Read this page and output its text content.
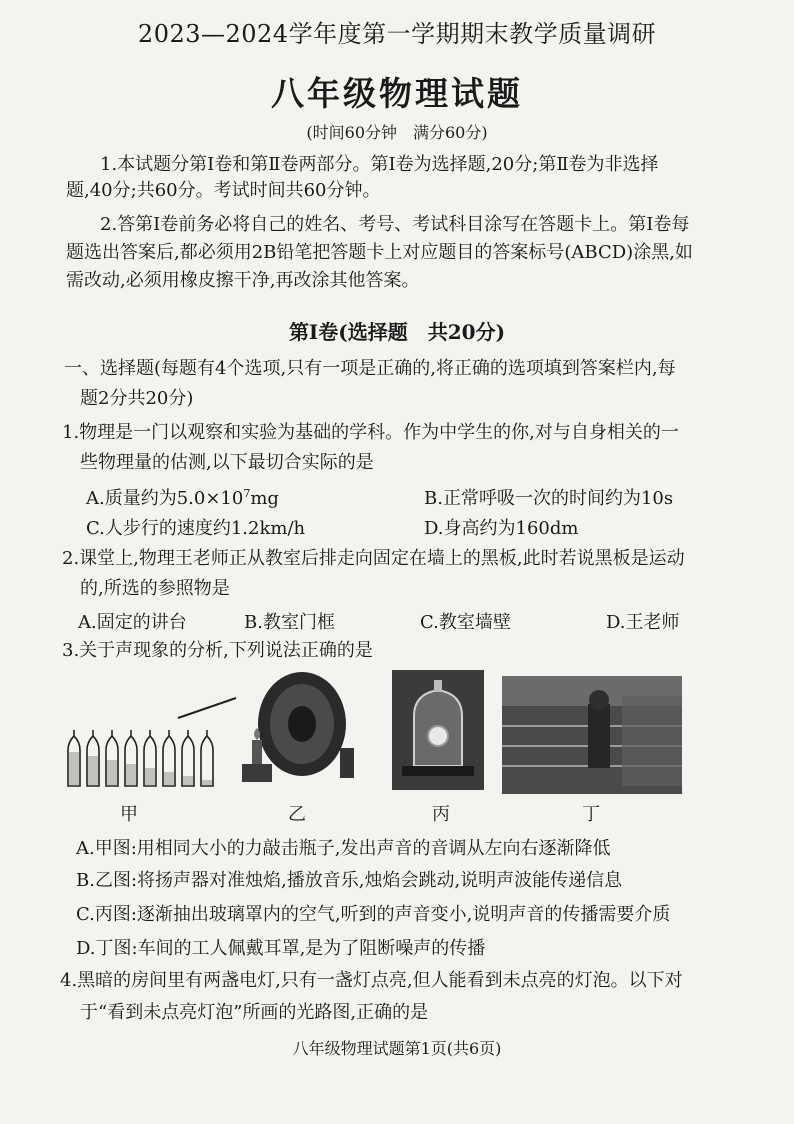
2023—2024学年度第一学期期末教学质量调研
八年级物理试题
(时间60分钟　满分60分)
1.本试题分第Ⅰ卷和第Ⅱ卷两部分。第Ⅰ卷为选择题,20分;第Ⅱ卷为非选择
题,40分;共60分。考试时间共60分钟。
2.答第Ⅰ卷前务必将自己的姓名、考号、考试科目涂写在答题卡上。第Ⅰ卷每
题选出答案后,都必须用2B铅笔把答题卡上对应题目的答案标号(ABCD)涂黑,如
需改动,必须用橡皮擦干净,再改涂其他答案。
第Ⅰ卷(选择题　共20分)
一、选择题(每题有4个选项,只有一项是正确的,将正确的选项填到答案栏内,每
题2分共20分)
1.物理是一门以观察和实验为基础的学科。作为中学生的你,对与自身相关的一
些物理量的估测,以下最切合实际的是
A.质量约为$5.0\times 10^7mg$	B.正常呼吸一次的时间约为10s
C.人步行的速度约1.2km/h	D.身高约为160dm
2.课堂上,物理王老师正从教室后排走向固定在墙上的黑板,此时若说黑板是运动
的,所选的参照物是
A.固定的讲台	B.教室门框	C.教室墙壁	D.王老师
3.关于声现象的分析,下列说法正确的是
甲	乙	丙	丁
A.甲图:用相同大小的力敲击瓶子,发出声音的音调从左向右逐渐降低
B.乙图:将扬声器对准烛焰,播放音乐,烛焰会跳动,说明声波能传递信息
C.丙图:逐渐抽出玻璃罩内的空气,听到的声音变小,说明声音的传播需要介质
D.丁图:车间的工人佩戴耳罩,是为了阻断噪声的传播
4.黑暗的房间里有两盏电灯,只有一盏灯点亮,但人能看到未点亮的灯泡。以下对
于“看到未点亮灯泡”所画的光路图,正确的是
八年级物理试题第1页(共6页)
